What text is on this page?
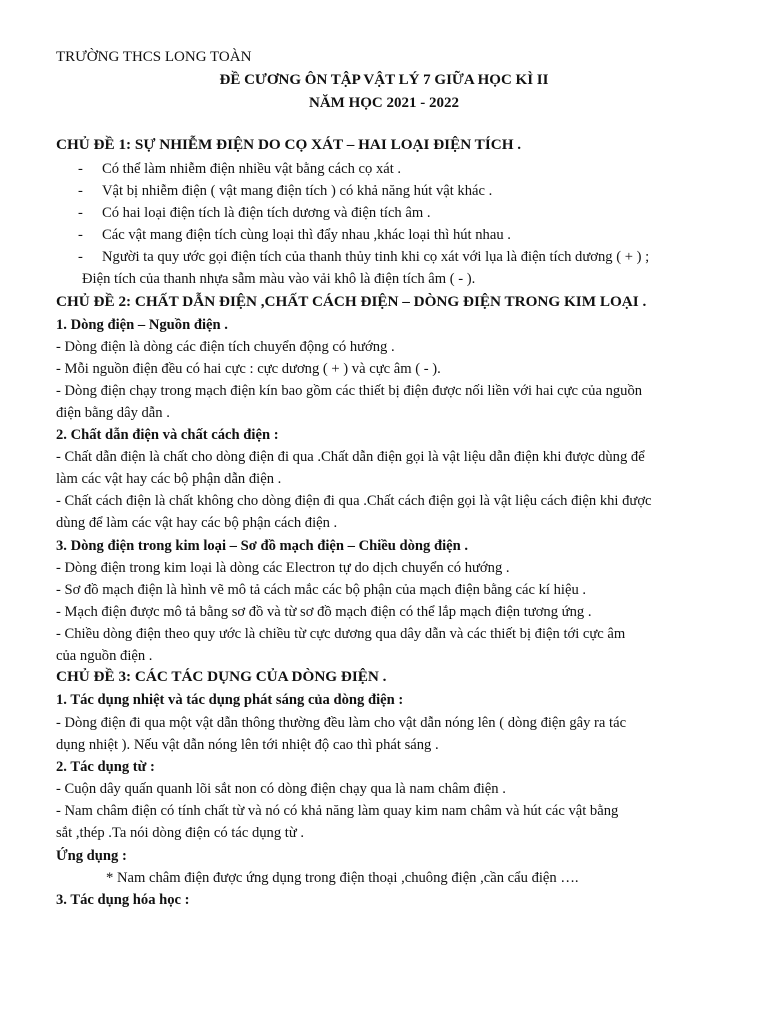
TRƯỜNG THCS LONG TOÀN
ĐỀ CƯƠNG ÔN TẬP VẬT LÝ 7 GIỮA HỌC KÌ II
NĂM HỌC 2021 - 2022
CHỦ ĐỀ 1: SỰ NHIỄM ĐIỆN DO CỌ XÁT – HAI LOẠI ĐIỆN TÍCH .
- Có thể làm nhiễm điện nhiều vật bằng cách cọ xát .
- Vật bị nhiễm điện ( vật mang điện tích ) có khả năng hút vật khác .
- Có hai loại điện tích là điện tích dương và điện tích âm .
- Các vật mang điện tích cùng loại thì đẩy nhau ,khác loại thì hút nhau .
- Người ta quy ước gọi điện tích của thanh thủy tinh khi cọ xát với lụa là điện tích dương ( + ) ;
Điện tích của thanh nhựa sẫm màu vào vải khô là điện tích âm ( - ).
CHỦ ĐỀ 2: CHẤT DẪN ĐIỆN ,CHẤT CÁCH ĐIỆN – DÒNG ĐIỆN TRONG KIM LOẠI .
1. Dòng điện – Nguồn điện .
- Dòng điện là dòng các điện tích chuyển động có hướng .
- Mỗi nguồn điện đều có hai cực : cực dương ( + ) và cực âm ( - ).
- Dòng điện chạy trong mạch điện kín bao gồm các thiết bị điện được nối liền với hai cực của nguồn
điện bằng dây dẫn .
2. Chất dẫn điện và chất cách điện :
- Chất dẫn điện là chất cho dòng điện đi qua .Chất dẫn điện gọi là vật liệu dẫn điện khi được dùng để
làm các vật hay các bộ phận dẫn điện .
- Chất cách điện là chất không cho dòng điện đi qua .Chất cách điện gọi là vật liệu cách điện khi được
dùng để làm các vật hay các bộ phận cách điện .
3. Dòng điện trong kim loại – Sơ đồ mạch điện – Chiều dòng điện .
- Dòng điện trong kim loại là dòng các Electron tự do dịch chuyển có hướng .
- Sơ đồ mạch điện là hình vẽ mô tả cách mắc các bộ phận của mạch điện bằng các kí hiệu .
- Mạch điện được mô tả bằng sơ đồ và từ sơ đồ mạch điện có thể lắp mạch điện tương ứng .
- Chiều dòng điện theo quy ước là chiều từ cực dương qua dây dẫn và các thiết bị điện tới cực âm
của nguồn điện .
CHỦ ĐỀ 3: CÁC TÁC DỤNG CỦA DÒNG ĐIỆN .
1. Tác dụng nhiệt và tác dụng phát sáng của dòng điện :
- Dòng điện đi qua một vật dẫn thông thường đều làm cho vật dẫn nóng lên ( dòng điện gây ra tác
dụng nhiệt ). Nếu vật dẫn nóng lên tới nhiệt độ cao thì phát sáng .
2. Tác dụng từ :
- Cuộn dây quấn quanh lõi sắt non có dòng điện chạy qua là nam châm điện .
- Nam châm điện có tính chất từ và nó có khả năng làm quay kim nam châm và hút các vật bằng
sắt ,thép .Ta nói dòng điện có tác dụng từ .
Ứng dụng :
* Nam châm điện được ứng dụng trong điện thoại ,chuông điện ,cần cẩu điện ….
3. Tác dụng hóa học :
